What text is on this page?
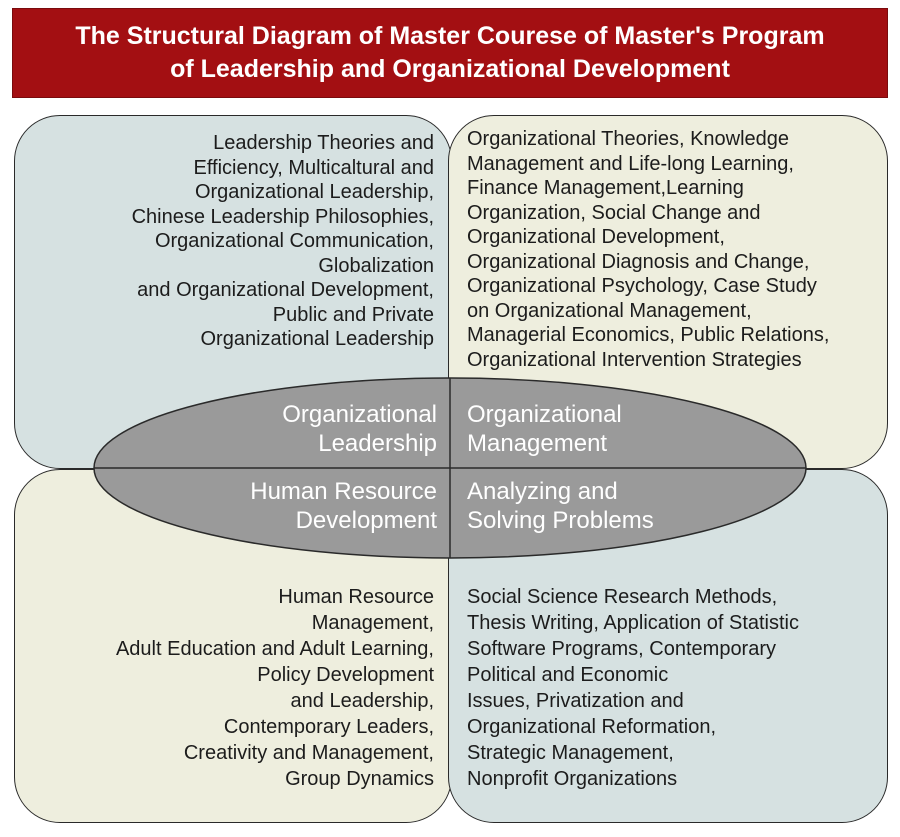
The Structural Diagram of Master Courese of Master's Program
of Leadership and Organizational Development

Leadership Theories and
Efficiency, Multicaltural and
Organizational Leadership,
Chinese Leadership Philosophies,
Organizational Communication,
Globalization
and Organizational Development,
Public and Private
Organizational Leadership

Organizational Theories, Knowledge
Management and Life-long Learning,
Finance Management,Learning
Organization, Social Change and
Organizational Development,
Organizational Diagnosis and Change,
Organizational Psychology, Case Study
on Organizational Management,
Managerial Economics, Public Relations,
Organizational Intervention Strategies

Human Resource
Management,
Adult Education and Adult Learning,
Policy Development
and Leadership,
Contemporary Leaders,
Creativity and Management,
Group Dynamics

Social Science Research Methods,
Thesis Writing, Application of Statistic
Software Programs, Contemporary
Political and Economic
Issues, Privatization and
Organizational Reformation,
Strategic Management,
Nonprofit Organizations

Organizational
Leadership

Organizational
Management

Human Resource
Development

Analyzing and
Solving Problems
